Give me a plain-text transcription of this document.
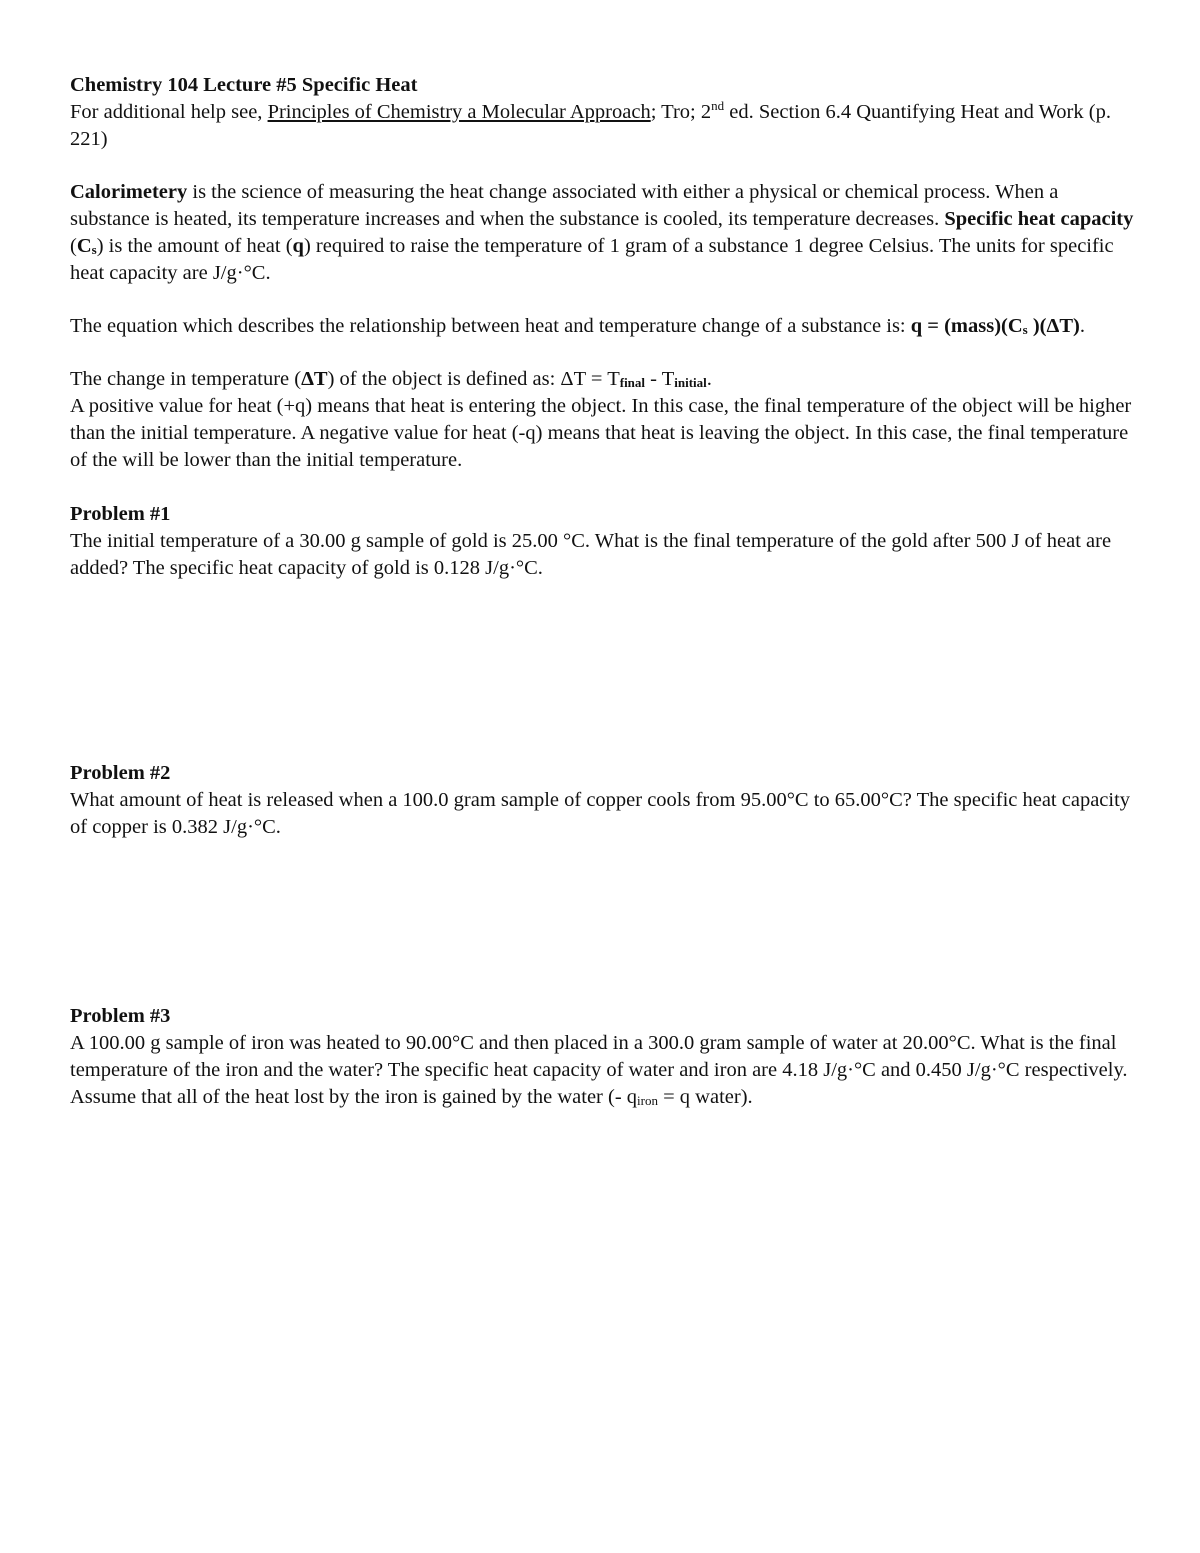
Chemistry 104 Lecture #5 Specific Heat
For additional help see, Principles of Chemistry a Molecular Approach; Tro; 2nd ed. Section 6.4 Quantifying Heat and Work (p. 221)

Calorimetery is the science of measuring the heat change associated with either a physical or chemical process. When a substance is heated, its temperature increases and when the substance is cooled, its temperature decreases. Specific heat capacity (Cs) is the amount of heat (q) required to raise the temperature of 1 gram of a substance 1 degree Celsius. The units for specific heat capacity are J/g·°C.

The equation which describes the relationship between heat and temperature change of a substance is: q = (mass)(Cs )(ΔT).

The change in temperature (ΔT) of the object is defined as: ΔT = Tfinal - Tinitial.
A positive value for heat (+q) means that heat is entering the object. In this case, the final temperature of the object will be higher than the initial temperature. A negative value for heat (-q) means that heat is leaving the object. In this case, the final temperature of the will be lower than the initial temperature.

Problem #1
The initial temperature of a 30.00 g sample of gold is 25.00 °C. What is the final temperature of the gold after 500 J of heat are added? The specific heat capacity of gold is 0.128 J/g·°C.

Problem #2
What amount of heat is released when a 100.0 gram sample of copper cools from 95.00°C to 65.00°C? The specific heat capacity of copper is 0.382 J/g·°C.

Problem #3
A 100.00 g sample of iron was heated to 90.00°C and then placed in a 300.0 gram sample of water at 20.00°C. What is the final temperature of the iron and the water? The specific heat capacity of water and iron are 4.18 J/g·°C and 0.450 J/g·°C respectively. Assume that all of the heat lost by the iron is gained by the water (- qiron = q water).
